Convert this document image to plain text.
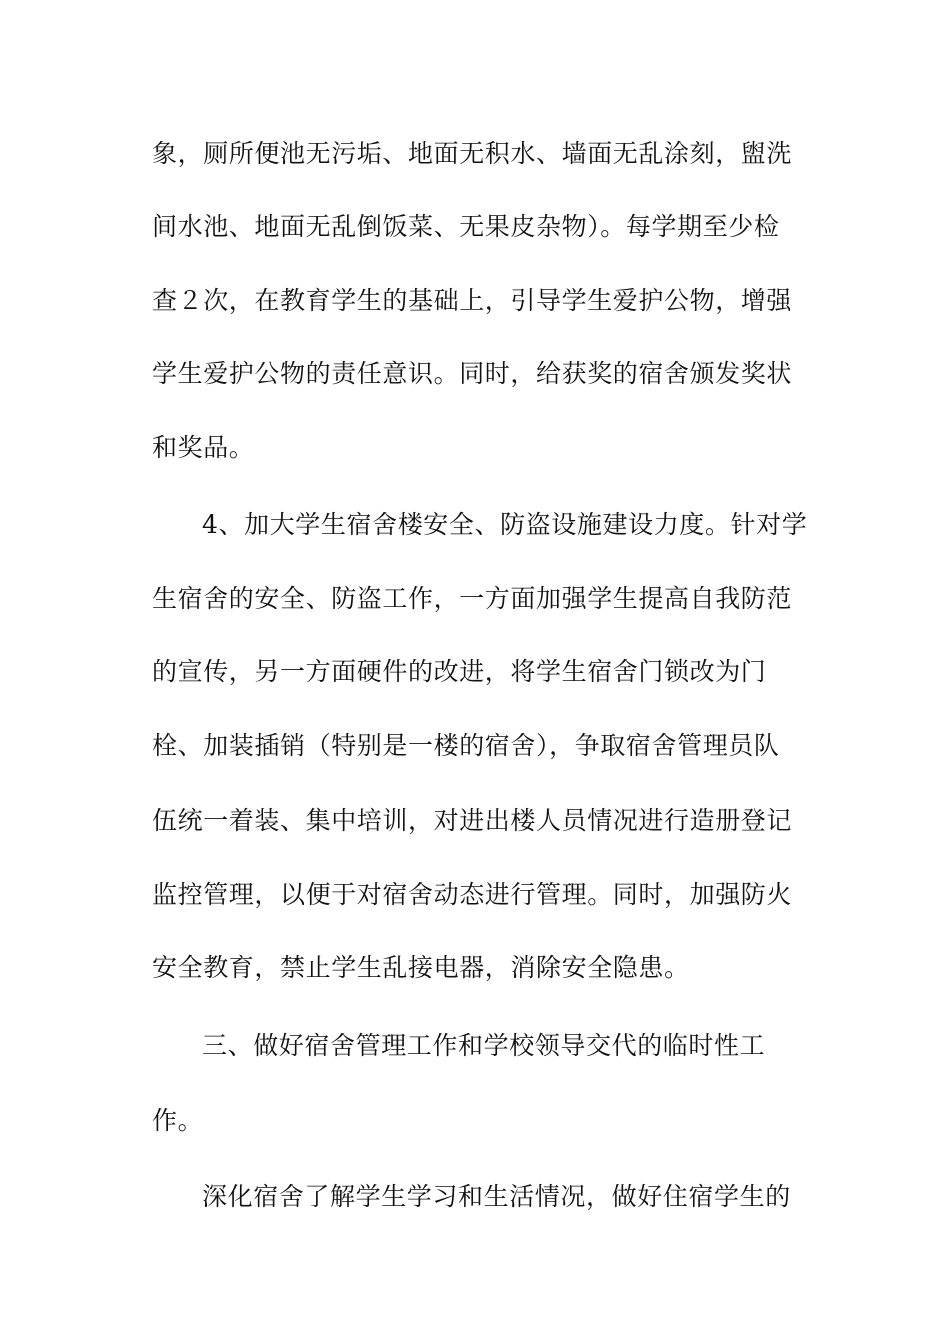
象，厕所便池无污垢、地面无积水、墙面无乱涂刻，盥洗
间水池、地面无乱倒饭菜、无果皮杂物）。每学期至少检
查２次，在教育学生的基础上，引导学生爱护公物，增强
学生爱护公物的责任意识。同时，给获奖的宿舍颁发奖状
和奖品。
4、加大学生宿舍楼安全、防盗设施建设力度。针对学
生宿舍的安全、防盗工作，一方面加强学生提高自我防范
的宣传，另一方面硬件的改进，将学生宿舍门锁改为门
栓、加装插销（特别是一楼的宿舍），争取宿舍管理员队
伍统一着装、集中培训，对进出楼人员情况进行造册登记
监控管理，以便于对宿舍动态进行管理。同时，加强防火
安全教育，禁止学生乱接电器，消除安全隐患。
三、做好宿舍管理工作和学校领导交代的临时性工
作。
深化宿舍了解学生学习和生活情况，做好住宿学生的
